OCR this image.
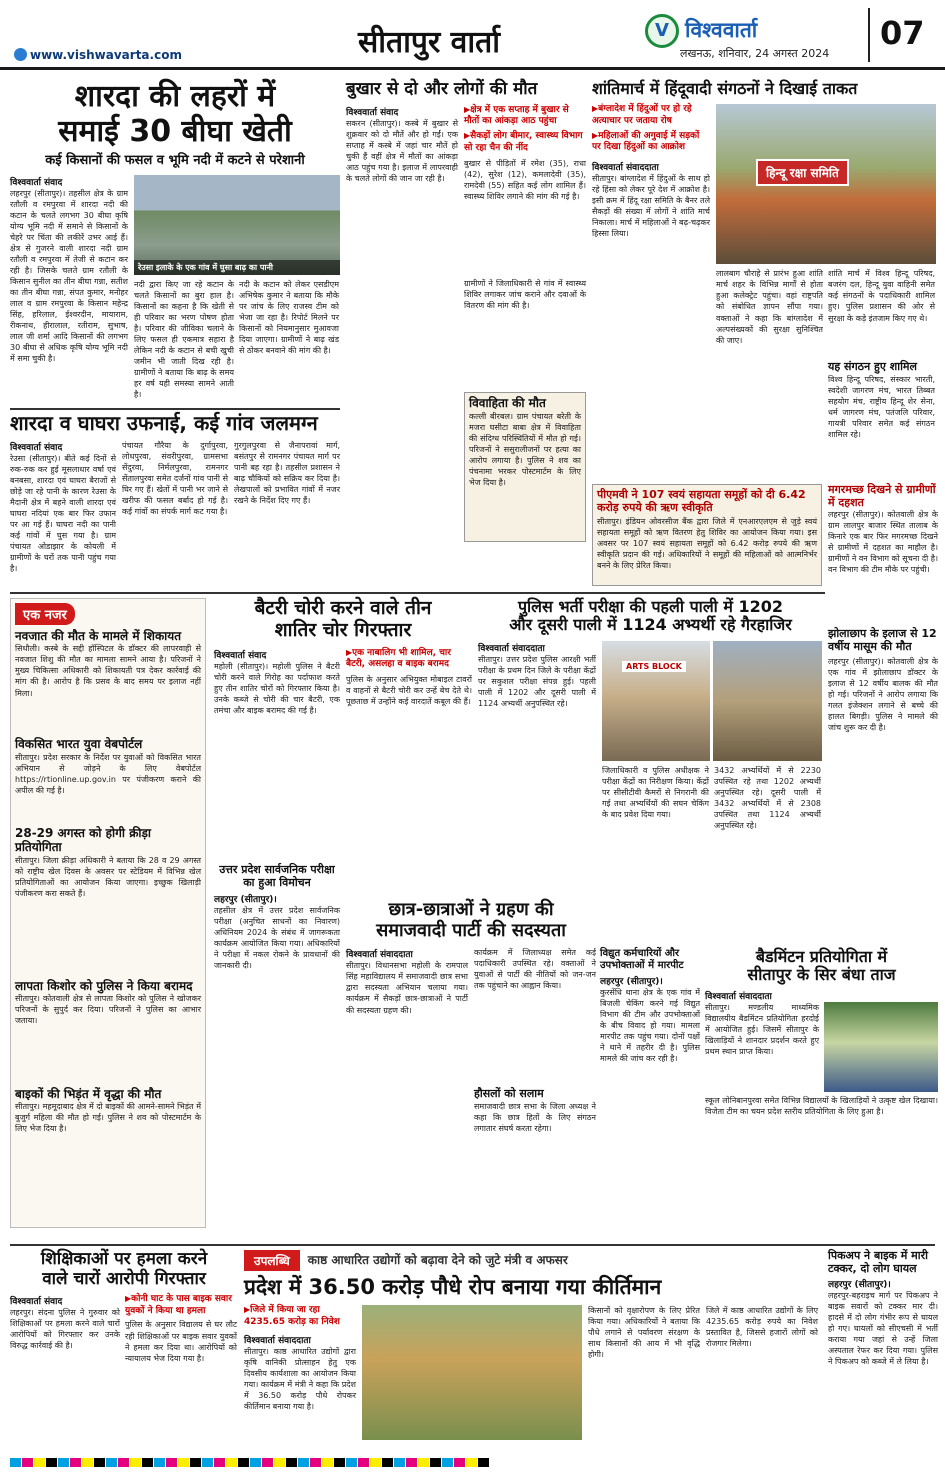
www.vishwavarta.com	सीतापुर वार्ता	V विश्ववार्ता
लखनऊ, शनिवार, 24 अगस्त 2024
07
शारदा की लहरों में
समाई 30 बीघा खेती
कई किसानों की फसल व भूमि नदी में कटने से परेशानी
विश्ववार्ता संवाद
लहरपुर (सीतापुर)। तहसील क्षेत्र के ग्राम रतौली व रमपुरवा में शारदा नदी की कटान के चलते लगभग 30 बीघा कृषि योग्य भूमि नदी में समाने से किसानों के चेहरे पर चिंता की लकीरें उभर आई हैं। क्षेत्र से गुजरने वाली शारदा नदी ग्राम रतौली व रमपुरवा में तेजी से कटान कर रही है। जिसके चलते ग्राम रतौली के किसान सुनील का तीन बीघा गन्ना, सतीश का तीन बीघा गन्ना, संपत कुमार, मनोहर लाल व ग्राम रमपुरवा के किसान महेन्द्र सिंह, हरिलाल, ईश्वरदीन, मायाराम, रीकनाथ, हीरालाल, रतीराम, सुभाष, लाल जी शर्मा आदि किसानों की लगभग 30 बीघा से अधिक कृषि योग्य भूमि नदी में समा चुकी है।
रेउसा इलाके के एक गांव में घुसा बाढ़ का पानी
नदी द्वारा किए जा रहे कटान के चलते किसानों का बुरा हाल है। किसानों का कहना है कि खेती से ही परिवार का भरण पोषण होता है। परिवार की जीविका चलाने के लिए फसल ही एकमात्र सहारा है लेकिन नदी के कटान से बची खुची जमीन भी जाती दिख रही है। ग्रामीणों ने बताया कि बाढ़ के समय हर वर्ष यही समस्या सामने आती है।
नदी के कटान को लेकर एसडीएम अभिषेक कुमार ने बताया कि मौके पर जांच के लिए राजस्व टीम को भेजा जा रहा है। रिपोर्ट मिलने पर किसानों को नियमानुसार मुआवजा दिया जाएगा। ग्रामीणों ने बाढ़ खंड से ठोकर बनवाने की मांग की है।
शारदा व घाघरा उफनाई, कई गांव जलमग्न
विश्ववार्ता संवाद
रेउसा (सीतापुर)। बीते कई दिनों से रुक-रुक कर हुई मूसलाधार वर्षा एवं बनबसा, शारदा एवं घाघरा बैराजों से छोड़े जा रहे पानी के कारण रेउसा के मैदानी क्षेत्र में बहने वाली शारदा एवं घाघरा नदियां एक बार फिर उफान पर आ गई हैं। घाघरा नदी का पानी कई गांवों में घुस गया है। ग्राम पंचायत ओडाझार के कोयली में ग्रामीणों के घरों तक पानी पहुंच गया है।
पंचायत गौरैया के दुर्गापुरवा, लोधपुरवा, संवरीपुरवा, ग्रामसभा सेंदुरवा, निर्मलपुरवा, रामनगर सेंतालपुरवा समेत दर्जनों गांव पानी से घिर गए हैं। खेतों में पानी भर जाने से खरीफ की फसल बर्बाद हो गई है। कई गांवों का संपर्क मार्ग कट गया है।
गुरगुलपुरवा से जैनापरावां मार्ग, बसंतपुर से रामनगर पंचायत मार्ग पर पानी बह रहा है। तहसील प्रशासन ने बाढ़ चौकियों को सक्रिय कर दिया है। लेखपालों को प्रभावित गांवों में नजर रखने के निर्देश दिए गए हैं।
बुखार से दो और लोगों की मौत
विश्ववार्ता संवाद
सकरन (सीतापुर)। कस्बे में बुखार से शुक्रवार को दो मौतें और हो गईं। एक सप्ताह में कस्बे में जहां चार मौतें हो चुकी हैं वहीं क्षेत्र में मौतों का आंकड़ा आठ पहुंच गया है। इलाज में लापरवाही के चलते लोगों की जान जा रही है।
▶ क्षेत्र में एक सप्ताह में बुखार से मौतों का आंकड़ा आठ पहुंचा
▶ सैकड़ों लोग बीमार, स्वास्थ्य विभाग सो रहा चैन की नींद
बुखार से पीड़ितों में रमेश (35), राधा (42), सुरेश (12), कमलादेवी (35), रामदेवी (55) सहित कई लोग शामिल हैं। स्वास्थ्य शिविर लगाने की मांग की गई है।
ग्रामीणों ने जिलाधिकारी से गांव में स्वास्थ्य शिविर लगाकर जांच कराने और दवाओं के वितरण की मांग की है।
विवाहिता की मौत
कल्ली बीरबल। ग्राम पंचायत बरेती के मजरा घसीटा बाबा क्षेत्र में विवाहिता की संदिग्ध परिस्थितियों में मौत हो गई। परिजनों ने ससुरालीजनों पर हत्या का आरोप लगाया है। पुलिस ने शव का पंचनामा भरकर पोस्टमार्टम के लिए भेज दिया है।
शांतिमार्च में हिंदूवादी संगठनों ने दिखाई ताकत
▶ बंग्लादेश में हिंदुओं पर हो रहे अत्याचार पर जताया रोष
▶ महिलाओं की अगुवाई में सड़कों पर दिखा हिंदुओं का आक्रोश
विश्ववार्ता संवाददाता
सीतापुर। बांग्लादेश में हिंदुओं के साथ हो रहे हिंसा को लेकर पूरे देश में आक्रोश है। इसी क्रम में हिंदू रक्षा समिति के बैनर तले सैकड़ों की संख्या में लोगों ने शांति मार्च निकाला। मार्च में महिलाओं ने बढ़-चढ़कर हिस्सा लिया।
हिन्दू रक्षा समिति
लालबाग चौराहे से प्रारंभ हुआ शांति मार्च शहर के विभिन्न मार्गों से होता हुआ कलेक्ट्रेट पहुंचा। वहां राष्ट्रपति को संबोधित ज्ञापन सौंपा गया। वक्ताओं ने कहा कि बांग्लादेश में अल्पसंख्यकों की सुरक्षा सुनिश्चित की जाए।
शांति मार्च में विश्व हिन्दू परिषद, बजरंग दल, हिन्दू युवा वाहिनी समेत कई संगठनों के पदाधिकारी शामिल हुए। पुलिस प्रशासन की ओर से सुरक्षा के कड़े इंतजाम किए गए थे।
यह संगठन हुए शामिल
विश्व हिन्दू परिषद, संस्कार भारती, स्वदेशी जागरण मंच, भारत तिब्बत सहयोग मंच, राष्ट्रीय हिन्दू शेर सेना, धर्म जागरण मंच, पतंजलि परिवार, गायत्री परिवार समेत कई संगठन शामिल रहे।
पीएमवी ने 107 स्वयं सहायता समूहों को दी 6.42 करोड़ रुपये की ऋण स्वीकृति
सीतापुर। इंडियन ओवरसीज बैंक द्वारा जिले में एनआरएलएम से जुड़े स्वयं सहायता समूहों को ऋण वितरण हेतु शिविर का आयोजन किया गया। इस अवसर पर 107 स्वयं सहायता समूहों को 6.42 करोड़ रुपये की ऋण स्वीकृति प्रदान की गई। अधिकारियों ने समूहों की महिलाओं को आत्मनिर्भर बनने के लिए प्रेरित किया।
मगरमच्छ दिखने से ग्रामीणों में दहशत
लहरपुर (सीतापुर)। कोतवाली क्षेत्र के ग्राम लालपुर बाजार स्थित तालाब के किनारे एक बार फिर मगरमच्छ दिखने से ग्रामीणों में दहशत का माहौल है। ग्रामीणों ने वन विभाग को सूचना दी है। वन विभाग की टीम मौके पर पहुंची।
एक नजर
नवजात की मौत के मामले में शिकायत
सिधौली। कस्बे के सद्दी हॉस्पिटल के डॉक्टर की लापरवाही से नवजात शिशु की मौत का मामला सामने आया है। परिजनों ने मुख्य चिकित्सा अधिकारी को शिकायती पत्र देकर कार्रवाई की मांग की है। आरोप है कि प्रसव के बाद समय पर इलाज नहीं मिला।
विकसित भारत युवा वेबपोर्टल
सीतापुर। प्रदेश सरकार के निर्देश पर युवाओं को विकसित भारत अभियान से जोड़ने के लिए वेबपोर्टल https://rtionline.up.gov.in पर पंजीकरण कराने की अपील की गई है।
28-29 अगस्त को होगी क्रीड़ा प्रतियोगिता
सीतापुर। जिला क्रीड़ा अधिकारी ने बताया कि 28 व 29 अगस्त को राष्ट्रीय खेल दिवस के अवसर पर स्टेडियम में विभिन्न खेल प्रतियोगिताओं का आयोजन किया जाएगा। इच्छुक खिलाड़ी पंजीकरण करा सकते हैं।
लापता किशोर को पुलिस ने किया बरामद
सीतापुर। कोतवाली क्षेत्र से लापता किशोर को पुलिस ने खोजकर परिजनों के सुपुर्द कर दिया। परिजनों ने पुलिस का आभार जताया।
बाइकों की भिड़ंत में वृद्धा की मौत
सीतापुर। महमूदाबाद क्षेत्र में दो बाइकों की आमने-सामने भिड़ंत में बुजुर्ग महिला की मौत हो गई। पुलिस ने शव को पोस्टमार्टम के लिए भेज दिया है।
बैटरी चोरी करने वाले तीन
शातिर चोर गिरफ्तार
विश्ववार्ता संवाद
महोली (सीतापुर)। महोली पुलिस ने बैटरी चोरी करने वाले गिरोह का पर्दाफाश करते हुए तीन शातिर चोरों को गिरफ्तार किया है। उनके कब्जे से चोरी की चार बैटरी, एक तमंचा और बाइक बरामद की गई है।
▶ एक नाबालिग भी शामिल, चार बैटरी, असलहा व बाइक बरामद
पुलिस के अनुसार अभियुक्त मोबाइल टावरों व वाहनों से बैटरी चोरी कर उन्हें बेच देते थे। पूछताछ में उन्होंने कई वारदातें कबूल की हैं।
उत्तर प्रदेश सार्वजनिक परीक्षा का हुआ विमोचन
लहरपुर (सीतापुर)।
तहसील क्षेत्र में उत्तर प्रदेश सार्वजनिक परीक्षा (अनुचित साधनों का निवारण) अधिनियम 2024 के संबंध में जागरूकता कार्यक्रम आयोजित किया गया। अधिकारियों ने परीक्षा में नकल रोकने के प्रावधानों की जानकारी दी।
पुलिस भर्ती परीक्षा की पहली पाली में 1202
और दूसरी पाली में 1124 अभ्यर्थी रहे गैरहाजिर
विश्ववार्ता संवाददाता
सीतापुर। उत्तर प्रदेश पुलिस आरक्षी भर्ती परीक्षा के प्रथम दिन जिले के परीक्षा केंद्रों पर सकुशल परीक्षा संपन्न हुई। पहली पाली में 1202 और दूसरी पाली में 1124 अभ्यर्थी अनुपस्थित रहे।
ARTS BLOCK
जिलाधिकारी व पुलिस अधीक्षक ने परीक्षा केंद्रों का निरीक्षण किया। केंद्रों पर सीसीटीवी कैमरों से निगरानी की गई तथा अभ्यर्थियों की सघन चेकिंग के बाद प्रवेश दिया गया।
3432 अभ्यर्थियों में से 2230 उपस्थित रहे तथा 1202 अभ्यर्थी अनुपस्थित रहे। दूसरी पाली में 3432 अभ्यर्थियों में से 2308 उपस्थित तथा 1124 अभ्यर्थी अनुपस्थित रहे।
झोलाछाप के इलाज से 12 वर्षीय मासूम की मौत
लहरपुर (सीतापुर)। कोतवाली क्षेत्र के एक गांव में झोलाछाप डॉक्टर के इलाज से 12 वर्षीय बालक की मौत हो गई। परिजनों ने आरोप लगाया कि गलत इंजेक्शन लगाने से बच्चे की हालत बिगड़ी। पुलिस ने मामले की जांच शुरू कर दी है।
छात्र-छात्राओं ने ग्रहण की
समाजवादी पार्टी की सदस्यता
विश्ववार्ता संवाददाता
सीतापुर। विधानसभा महोली के रामपाल सिंह महाविद्यालय में समाजवादी छात्र सभा द्वारा सदस्यता अभियान चलाया गया। कार्यक्रम में सैकड़ों छात्र-छात्राओं ने पार्टी की सदस्यता ग्रहण की।
कार्यक्रम में जिलाध्यक्ष समेत कई पदाधिकारी उपस्थित रहे। वक्ताओं ने युवाओं से पार्टी की नीतियों को जन-जन तक पहुंचाने का आह्वान किया।
हौसलों को सलाम
समाजवादी छात्र सभा के जिला अध्यक्ष ने कहा कि छात्र हितों के लिए संगठन लगातार संघर्ष करता रहेगा।
विद्युत कर्मचारियों और उपभोक्ताओं में मारपीट
लहरपुर (सीतापुर)।
कुरसेंधि थाना क्षेत्र के एक गांव में बिजली चेकिंग करने गई विद्युत विभाग की टीम और उपभोक्ताओं के बीच विवाद हो गया। मामला मारपीट तक पहुंच गया। दोनों पक्षों ने थाने में तहरीर दी है। पुलिस मामले की जांच कर रही है।
बैडमिंटन प्रतियोगिता में
सीतापुर के सिर बंधा ताज
विश्ववार्ता संवाददाता
सीतापुर। मण्डलीय माध्यमिक विद्यालयीय बैडमिंटन प्रतियोगिता हरदोई में आयोजित हुई। जिसमें सीतापुर के खिलाड़ियों ने शानदार प्रदर्शन करते हुए प्रथम स्थान प्राप्त किया।
स्कूल लोनिबानपुरवा समेत विभिन्न विद्यालयों के खिलाड़ियों ने उत्कृष्ट खेल दिखाया। विजेता टीम का चयन प्रदेश स्तरीय प्रतियोगिता के लिए हुआ है।
पिकअप ने बाइक में मारी टक्कर, दो लोग घायल
लहरपुर (सीतापुर)।
लहरपुर-बहराइच मार्ग पर पिकअप ने बाइक सवारों को टक्कर मार दी। हादसे में दो लोग गंभीर रूप से घायल हो गए। घायलों को सीएचसी में भर्ती कराया गया जहां से उन्हें जिला अस्पताल रेफर कर दिया गया। पुलिस ने पिकअप को कब्जे में ले लिया है।
शिक्षिकाओं पर हमला करने
वाले चारों आरोपी गिरफ्तार
विश्ववार्ता संवाद
लहरपुर। संदना पुलिस ने गुरुवार को शिक्षिकाओं पर हमला करने वाले चारों आरोपियों को गिरफ्तार कर उनके विरुद्ध कार्रवाई की है।
▶ कोनी घाट के पास बाइक सवार युवकों ने किया था हमला
पुलिस के अनुसार विद्यालय से घर लौट रही शिक्षिकाओं पर बाइक सवार युवकों ने हमला कर दिया था। आरोपियों को न्यायालय भेज दिया गया है।
उपलब्धि	काष्ठ आधारित उद्योगों को बढ़ावा देने को जुटे मंत्री व अफसर
प्रदेश में 36.50 करोड़ पौधे रोप बनाया गया कीर्तिमान
▶ जिले में किया जा रहा 4235.65 करोड़ का निवेश
विश्ववार्ता संवाददाता
सीतापुर। काष्ठ आधारित उद्योगों द्वारा कृषि वानिकी प्रोत्साहन हेतु एक दिवसीय कार्यशाला का आयोजन किया गया। कार्यक्रम में मंत्री ने कहा कि प्रदेश में 36.50 करोड़ पौधे रोपकर कीर्तिमान बनाया गया है।
किसानों को वृक्षारोपण के लिए प्रेरित किया गया। अधिकारियों ने बताया कि पौधे लगाने से पर्यावरण संरक्षण के साथ किसानों की आय में भी वृद्धि होगी।
जिले में काष्ठ आधारित उद्योगों के लिए 4235.65 करोड़ रुपये का निवेश प्रस्तावित है, जिससे हजारों लोगों को रोजगार मिलेगा।
